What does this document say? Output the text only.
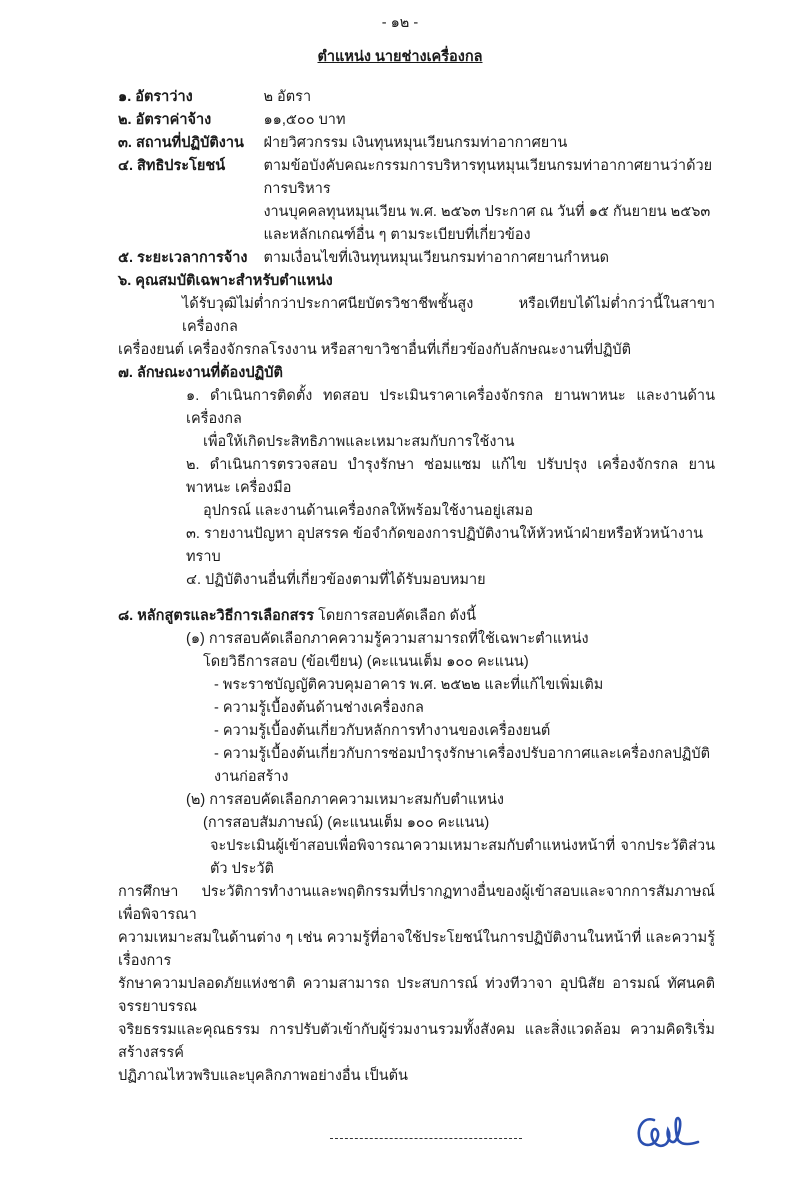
- ๑๒ -
ตำแหน่ง นายช่างเครื่องกล
๑. อัตราว่าง	๒ อัตรา
๒. อัตราค่าจ้าง	๑๑,๕๐๐ บาท
๓. สถานที่ปฏิบัติงาน ฝ่ายวิศวกรรม เงินทุนหมุนเวียนกรมท่าอากาศยาน
๔. สิทธิประโยชน์	ตามข้อบังคับคณะกรรมการบริหารทุนหมุนเวียนกรมท่าอากาศยานว่าด้วยการบริหาร
งานบุคคลทุนหมุนเวียน พ.ศ. ๒๕๖๓ ประกาศ ณ วันที่ ๑๕ กันยายน ๒๕๖๓
และหลักเกณฑ์อื่น ๆ ตามระเบียบที่เกี่ยวข้อง
๕. ระยะเวลาการจ้าง ตามเงื่อนไขที่เงินทุนหมุนเวียนกรมท่าอากาศยานกำหนด
๖. คุณสมบัติเฉพาะสำหรับตำแหน่ง
ได้รับวุฒิไม่ต่ำกว่าประกาศนียบัตรวิชาชีพชั้นสูง หรือเทียบได้ไม่ต่ำกว่านี้ในสาขาเครื่องกล
เครื่องยนต์ เครื่องจักรกลโรงงาน หรือสาขาวิชาอื่นที่เกี่ยวข้องกับลักษณะงานที่ปฏิบัติ
๗. ลักษณะงานที่ต้องปฏิบัติ
๑. ดำเนินการติดตั้ง ทดสอบ ประเมินราคาเครื่องจักรกล ยานพาหนะ และงานด้านเครื่องกล
เพื่อให้เกิดประสิทธิภาพและเหมาะสมกับการใช้งาน
๒. ดำเนินการตรวจสอบ บำรุงรักษา ซ่อมแซม แก้ไข ปรับปรุง เครื่องจักรกล ยานพาหนะ เครื่องมือ
อุปกรณ์ และงานด้านเครื่องกลให้พร้อมใช้งานอยู่เสมอ
๓. รายงานปัญหา อุปสรรค ข้อจำกัดของการปฏิบัติงานให้หัวหน้าฝ่ายหรือหัวหน้างานทราบ
๔. ปฏิบัติงานอื่นที่เกี่ยวข้องตามที่ได้รับมอบหมาย
๘. หลักสูตรและวิธีการเลือกสรร โดยการสอบคัดเลือก ดังนี้
(๑) การสอบคัดเลือกภาคความรู้ความสามารถที่ใช้เฉพาะตำแหน่ง
โดยวิธีการสอบ (ข้อเขียน) (คะแนนเต็ม ๑๐๐ คะแนน)
- พระราชบัญญัติควบคุมอาคาร พ.ศ. ๒๕๒๒ และที่แก้ไขเพิ่มเติม
- ความรู้เบื้องต้นด้านช่างเครื่องกล
- ความรู้เบื้องต้นเกี่ยวกับหลักการทำงานของเครื่องยนต์
- ความรู้เบื้องต้นเกี่ยวกับการซ่อมบำรุงรักษาเครื่องปรับอากาศและเครื่องกลปฏิบัติงานก่อสร้าง
(๒) การสอบคัดเลือกภาคความเหมาะสมกับตำแหน่ง
(การสอบสัมภาษณ์) (คะแนนเต็ม ๑๐๐ คะแนน)
จะประเมินผู้เข้าสอบเพื่อพิจารณาความเหมาะสมกับตำแหน่งหน้าที่ จากประวัติส่วนตัว ประวัติ
การศึกษา ประวัติการทำงานและพฤติกรรมที่ปรากฏทางอื่นของผู้เข้าสอบและจากการสัมภาษณ์ เพื่อพิจารณา
ความเหมาะสมในด้านต่าง ๆ เช่น ความรู้ที่อาจใช้ประโยชน์ในการปฏิบัติงานในหน้าที่ และความรู้เรื่องการ
รักษาความปลอดภัยแห่งชาติ ความสามารถ ประสบการณ์ ท่วงทีวาจา อุปนิสัย อารมณ์ ทัศนคติ จรรยาบรรณ
จริยธรรมและคุณธรรม การปรับตัวเข้ากับผู้ร่วมงานรวมทั้งสังคม และสิ่งแวดล้อม ความคิดริเริ่มสร้างสรรค์
ปฏิภาณไหวพริบและบุคลิกภาพอย่างอื่น เป็นต้น
